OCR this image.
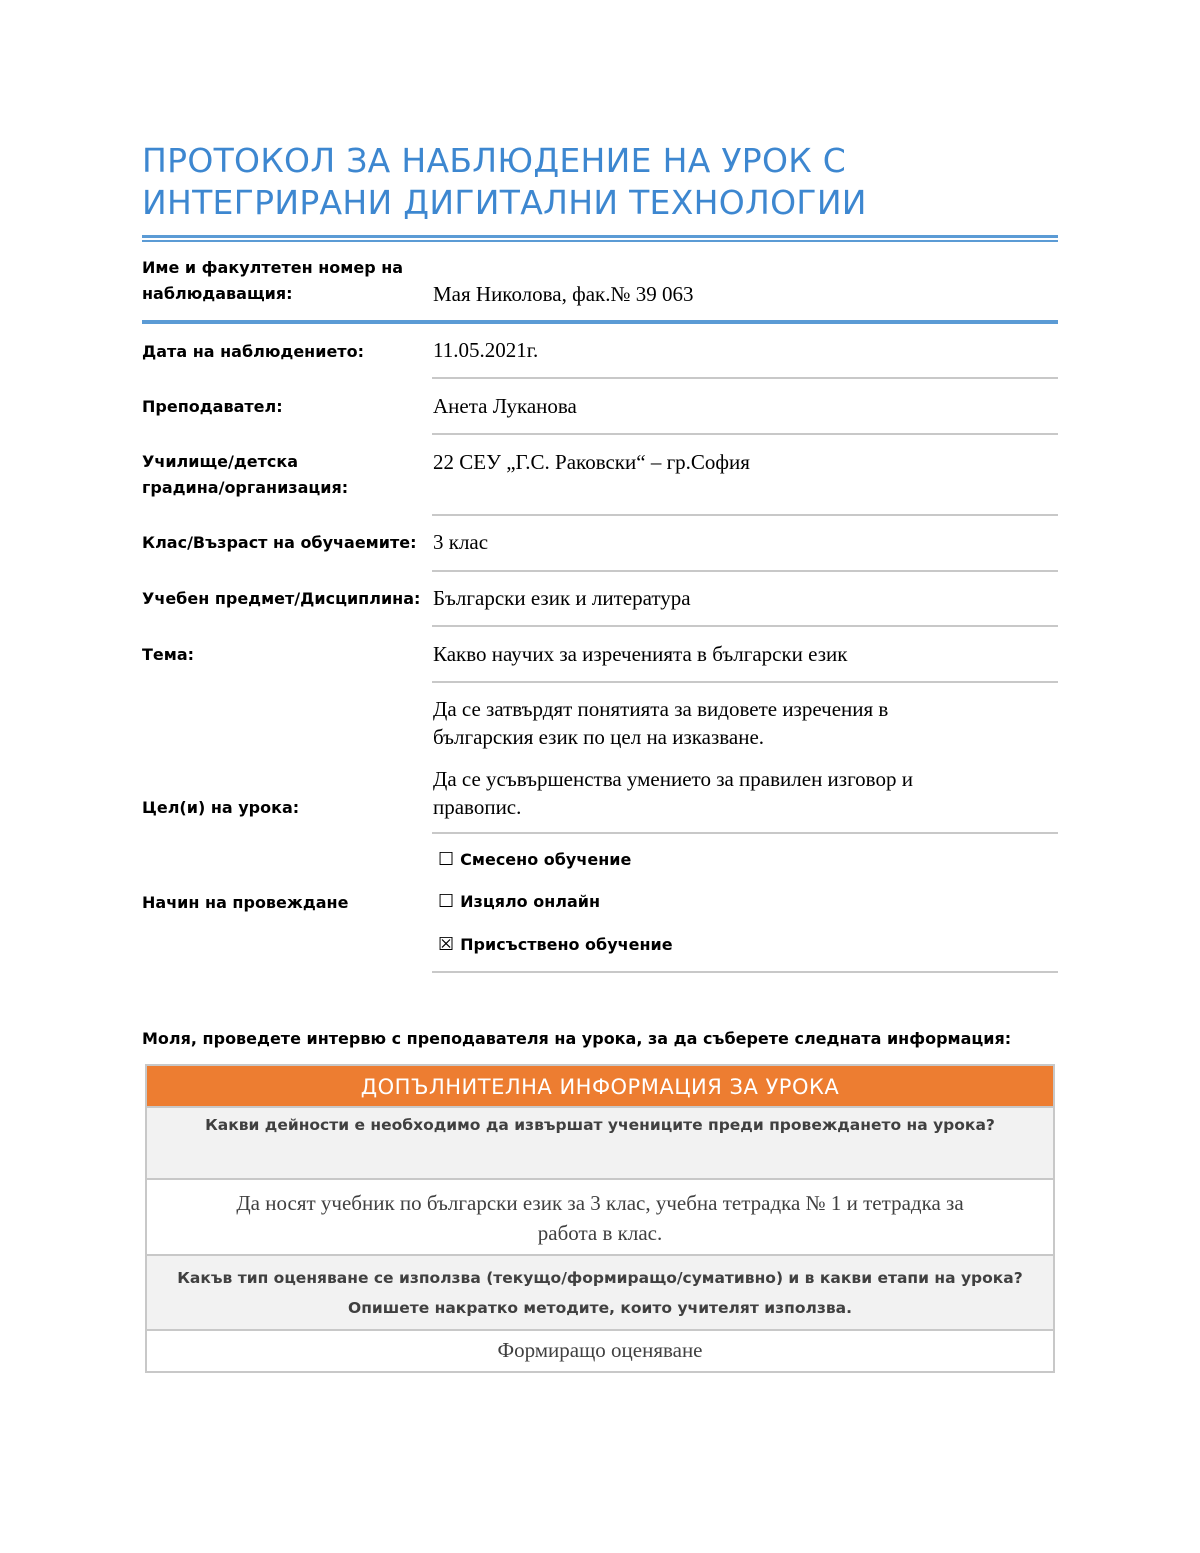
ПРОТОКОЛ ЗА НАБЛЮДЕНИЕ НА УРОК С
ИНТЕГРИРАНИ ДИГИТАЛНИ ТЕХНОЛОГИИ
Име и факултетен номер на
наблюдаващия:	Мая Николова, фак.№ 39 063
Дата на наблюдението:	11.05.2021г.
Преподавател:	Анета Луканова
Училище/детска
градина/организация:
22 СЕУ „Г.С. Раковски“ – гр.София
Клас/Възраст на обучаемите: 3 клас
Учебен предмет/Дисциплина: Български език и литература
Тема:	Какво научих за изреченията в български език
Цел(и) на урока:
Да се затвърдят понятията за видовете изречения в
българския език по цел на изказване.
Да се усъвършенства умението за правилен изговор и
правопис.
Начин на провеждане
☐ Смесено обучение
☐ Изцяло онлайн
☒ Присъствено обучение
Моля, проведете интервю с преподавателя на урока, за да съберете следната информация:
ДОПЪЛНИТЕЛНА ИНФОРМАЦИЯ ЗА УРОКА
Какви дейности е необходимо да извършат учениците преди провеждането на урока?
Да носят учебник по български език за 3 клас, учебна тетрадка № 1 и тетрадка за
работа в клас.
Какъв тип оценяване се използва (текущо/формиращо/сумативно) и в какви етапи на урока?
Опишете накратко методите, които учителят използва.
Формиращо оценяване
